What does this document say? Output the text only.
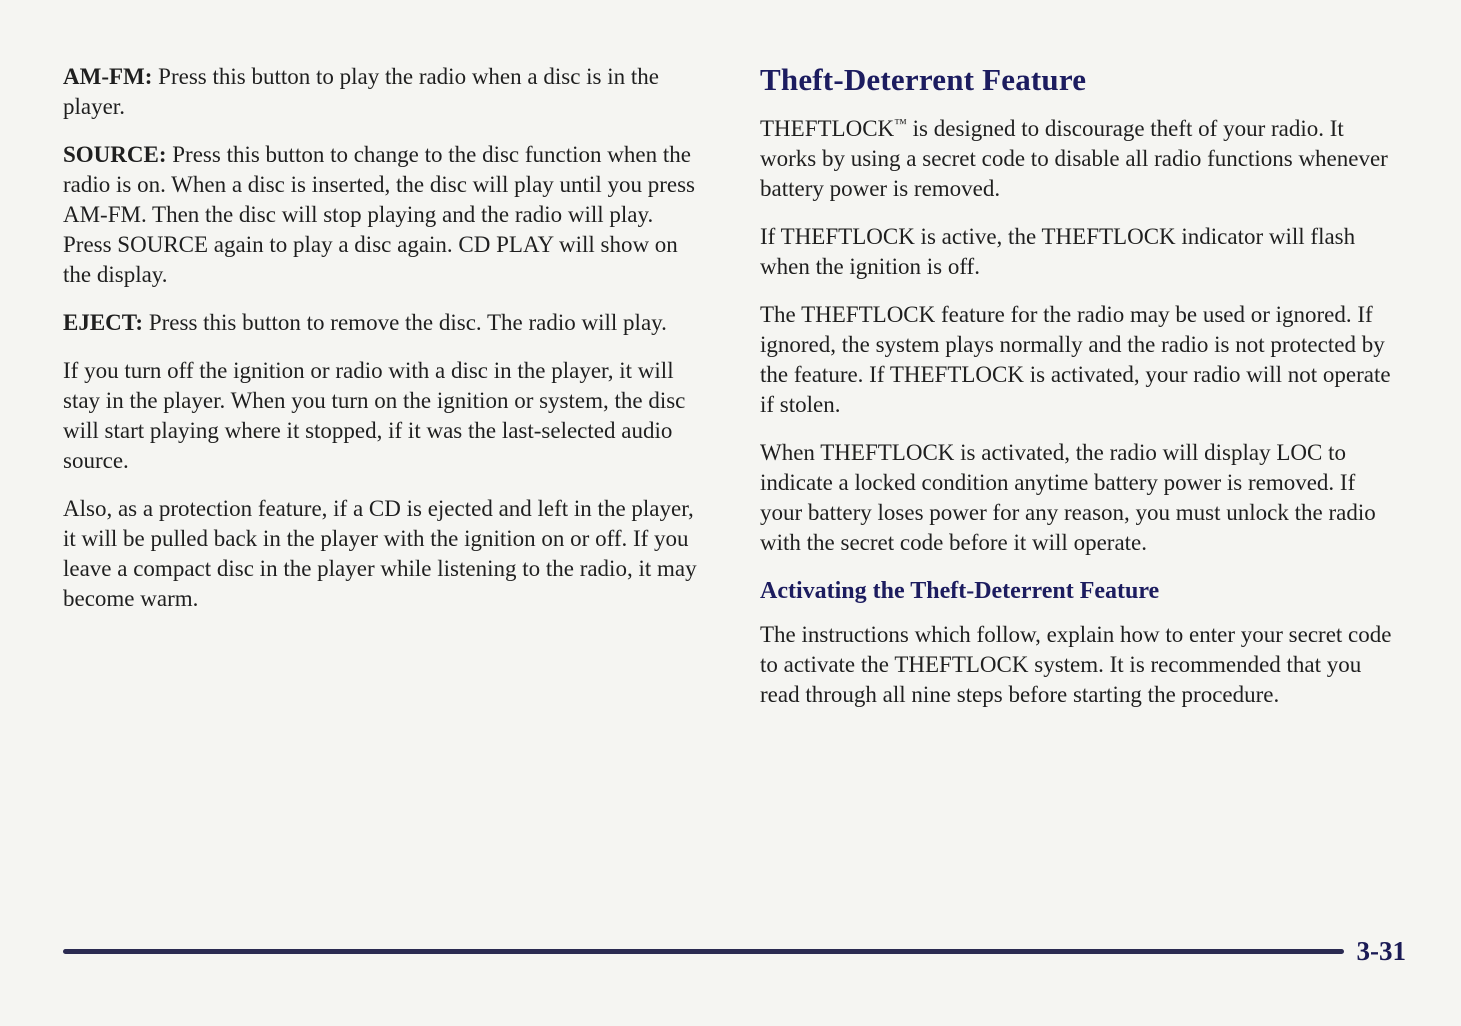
AM-FM: Press this button to play the radio when a disc is in the player.

SOURCE: Press this button to change to the disc function when the radio is on. When a disc is inserted, the disc will play until you press AM-FM. Then the disc will stop playing and the radio will play. Press SOURCE again to play a disc again. CD PLAY will show on the display.

EJECT: Press this button to remove the disc. The radio will play.

If you turn off the ignition or radio with a disc in the player, it will stay in the player. When you turn on the ignition or system, the disc will start playing where it stopped, if it was the last-selected audio source.

Also, as a protection feature, if a CD is ejected and left in the player, it will be pulled back in the player with the ignition on or off. If you leave a compact disc in the player while listening to the radio, it may become warm.

Theft-Deterrent Feature

THEFTLOCK™ is designed to discourage theft of your radio. It works by using a secret code to disable all radio functions whenever battery power is removed.

If THEFTLOCK is active, the THEFTLOCK indicator will flash when the ignition is off.

The THEFTLOCK feature for the radio may be used or ignored. If ignored, the system plays normally and the radio is not protected by the feature. If THEFTLOCK is activated, your radio will not operate if stolen.

When THEFTLOCK is activated, the radio will display LOC to indicate a locked condition anytime battery power is removed. If your battery loses power for any reason, you must unlock the radio with the secret code before it will operate.

Activating the Theft-Deterrent Feature

The instructions which follow, explain how to enter your secret code to activate the THEFTLOCK system. It is recommended that you read through all nine steps before starting the procedure.

3-31
